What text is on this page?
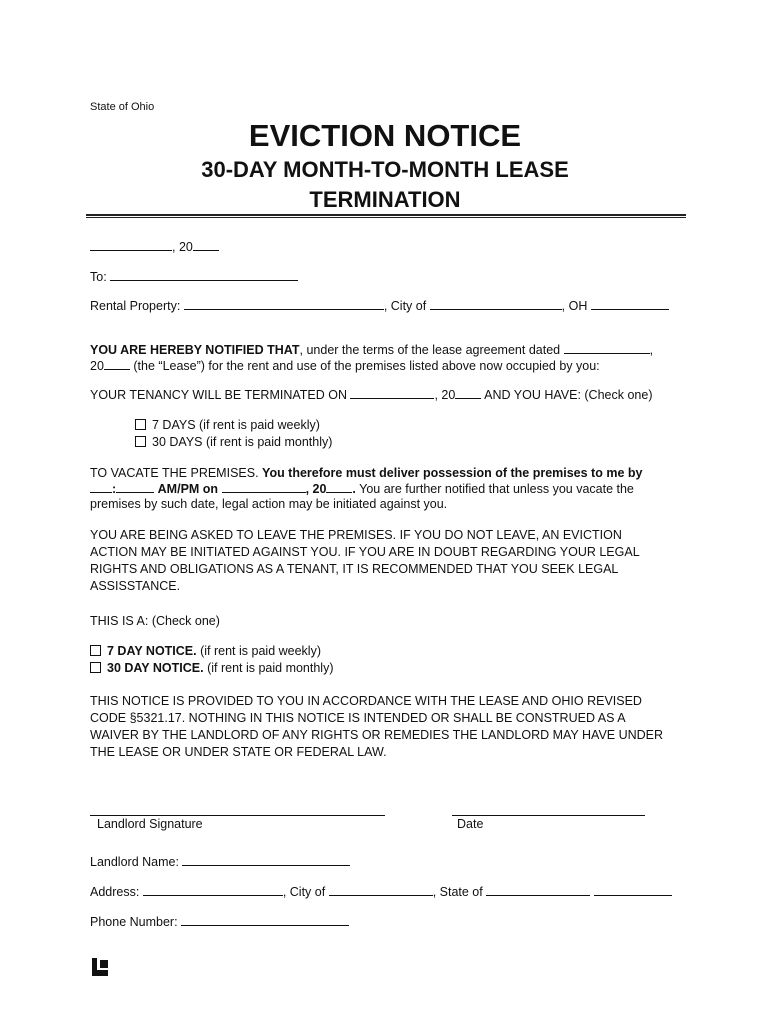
State of Ohio
EVICTION NOTICE
30-DAY MONTH-TO-MONTH LEASE
TERMINATION
, 20
To:
Rental Property:	, City of	, OH
YOU ARE HEREBY NOTIFIED THAT, under the terms of the lease agreement dated	,
20 (the “Lease”) for the rent and use of the premises listed above now occupied by you:
YOUR TENANCY WILL BE TERMINATED ON	, 20 AND YOU HAVE: (Check one)
7 DAYS (if rent is paid weekly)
30 DAYS (if rent is paid monthly)
TO VACATE THE PREMISES. You therefore must deliver possession of the premises to me by
:	AM/PM on	, 20 . You are further notified that unless you vacate the
premises by such date, legal action may be initiated against you.
YOU ARE BEING ASKED TO LEAVE THE PREMISES. IF YOU DO NOT LEAVE, AN EVICTION
ACTION MAY BE INITIATED AGAINST YOU. IF YOU ARE IN DOUBT REGARDING YOUR LEGAL
RIGHTS AND OBLIGATIONS AS A TENANT, IT IS RECOMMENDED THAT YOU SEEK LEGAL
ASSISSTANCE.
THIS IS A: (Check one)
7 DAY NOTICE. (if rent is paid weekly)
30 DAY NOTICE. (if rent is paid monthly)
THIS NOTICE IS PROVIDED TO YOU IN ACCORDANCE WITH THE LEASE AND OHIO REVISED
CODE §5321.17. NOTHING IN THIS NOTICE IS INTENDED OR SHALL BE CONSTRUED AS A
WAIVER BY THE LANDLORD OF ANY RIGHTS OR REMEDIES THE LANDLORD MAY HAVE UNDER
THE LEASE OR UNDER STATE OR FEDERAL LAW.
Landlord Signature	Date
Landlord Name:
Address:	, City of	, State of
Phone Number:
